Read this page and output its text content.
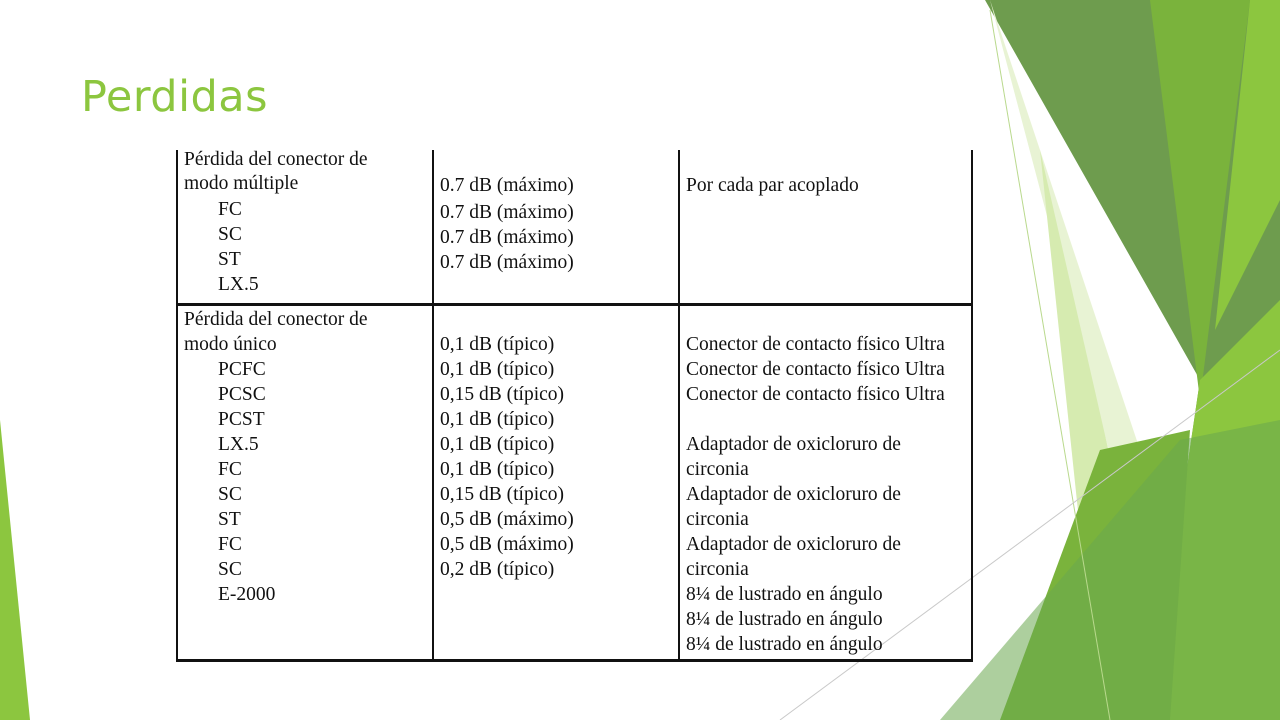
Perdidas
Pérdida del conector de
modo múltiple
FC
SC
ST
LX.5
0.7 dB (máximo)
0.7 dB (máximo)
0.7 dB (máximo)
0.7 dB (máximo)
Por cada par acoplado
Pérdida del conector de
modo único
PCFC
PCSC
PCST
LX.5
FC
SC
ST
FC
SC
E-2000
0,1 dB (típico)
0,1 dB (típico)
0,15 dB (típico)
0,1 dB (típico)
0,1 dB (típico)
0,1 dB (típico)
0,15 dB (típico)
0,5 dB (máximo)
0,5 dB (máximo)
0,2 dB (típico)
Conector de contacto físico Ultra
Conector de contacto físico Ultra
Conector de contacto físico Ultra
Adaptador de oxicloruro de
circonia
Adaptador de oxicloruro de
circonia
Adaptador de oxicloruro de
circonia
8¼ de lustrado en ángulo
8¼ de lustrado en ángulo
8¼ de lustrado en ángulo
